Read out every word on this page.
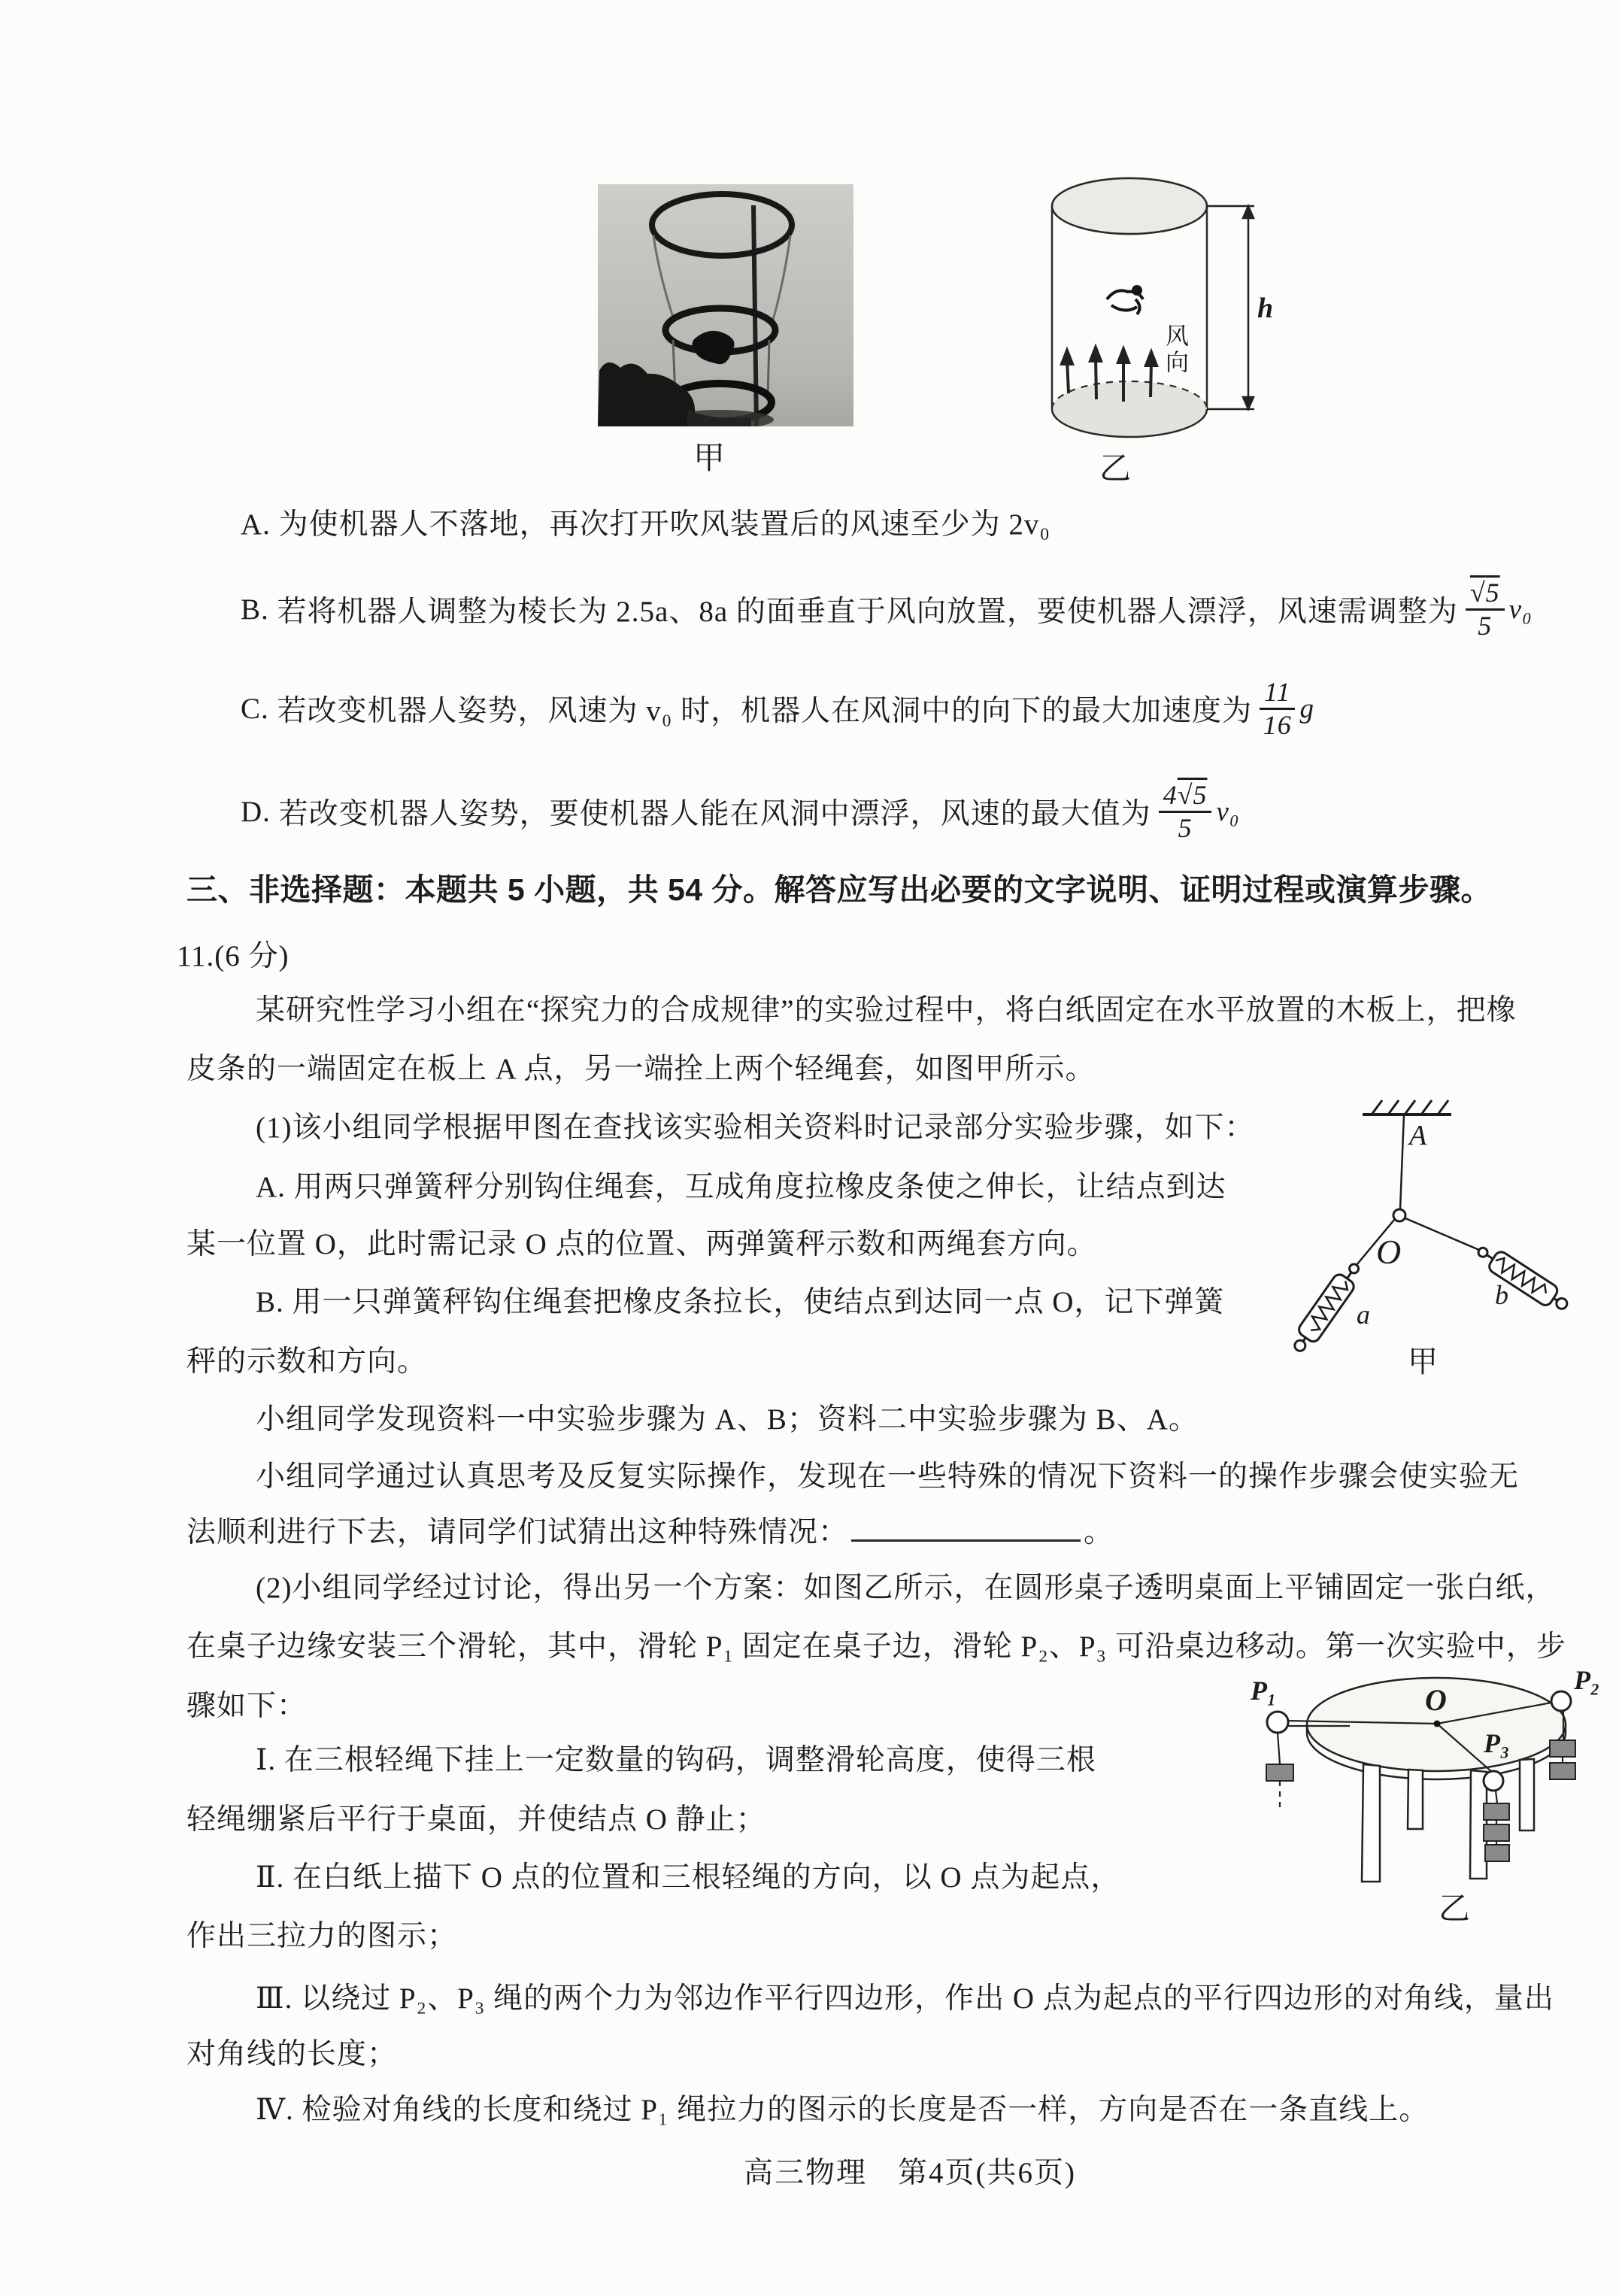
甲
风向
h
乙
A. 为使机器人不落地，再次打开吹风装置后的风速至少为 2v₀
B.
若将机器人调整为棱长为 2.5a、8a 的面垂直于风向放置，要使机器人漂浮，风速需调整为 √ $\frac{5}{5} v_0$
C.
若改变机器人姿势，风速为 v₀ 时，机器人在风洞中的向下的最大加速度为 $\frac{11}{16}$ g
D.
若改变机器人姿势，要使机器人能在风洞中漂浮，风速的最大值为 $\frac{4 √ 5}{5} v_0$
三、非选择题：本题共 5 小题，共 54 分。解答应写出必要的文字说明、证明过程或演算步骤。
11.(6 分)
某研究性学习小组在“探究力的合成规律”的实验过程中，将白纸固定在水平放置的木板上，把橡
皮条的一端固定在板上 A 点，另一端拴上两个轻绳套，如图甲所示。
(1)该小组同学根据甲图在查找该实验相关资料时记录部分实验步骤，如下：
A. 用两只弹簧秤分别钩住绳套，互成角度拉橡皮条使之伸长，让结点到达
某一位置 O，此时需记录 O 点的位置、两弹簧秤示数和两绳套方向。
B. 用一只弹簧秤钩住绳套把橡皮条拉长，使结点到达同一点 O，记下弹簧
秤的示数和方向。
小组同学发现资料一中实验步骤为 A、B；资料二中实验步骤为 B、A。
小组同学通过认真思考及反复实际操作，发现在一些特殊的情况下资料一的操作步骤会使实验无
法顺利进行下去，请同学们试猜出这种特殊情况：	。
(2)小组同学经过讨论，得出另一个方案：如图乙所示，在圆形桌子透明桌面上平铺固定一张白纸，
在桌子边缘安装三个滑轮，其中，滑轮 P₁ 固定在桌子边，滑轮 P₂、P₃ 可沿桌边移动。第一次实验中，步
骤如下：
Ⅰ. 在三根轻绳下挂上一定数量的钩码，调整滑轮高度，使得三根
轻绳绷紧后平行于桌面，并使结点 O 静止；
Ⅱ. 在白纸上描下 O 点的位置和三根轻绳的方向，以 O 点为起点，
作出三拉力的图示；
Ⅲ. 以绕过 P₂、P₃ 绳的两个力为邻边作平行四边形，作出 O 点为起点的平行四边形的对角线，量出
对角线的长度；
Ⅳ. 检验对角线的长度和绕过 P₁ 绳拉力的图示的长度是否一样，方向是否在一条直线上。
A
O
a
b
甲
O
P₁	P₂
P₃
乙
高三物理　第4页(共6页)
